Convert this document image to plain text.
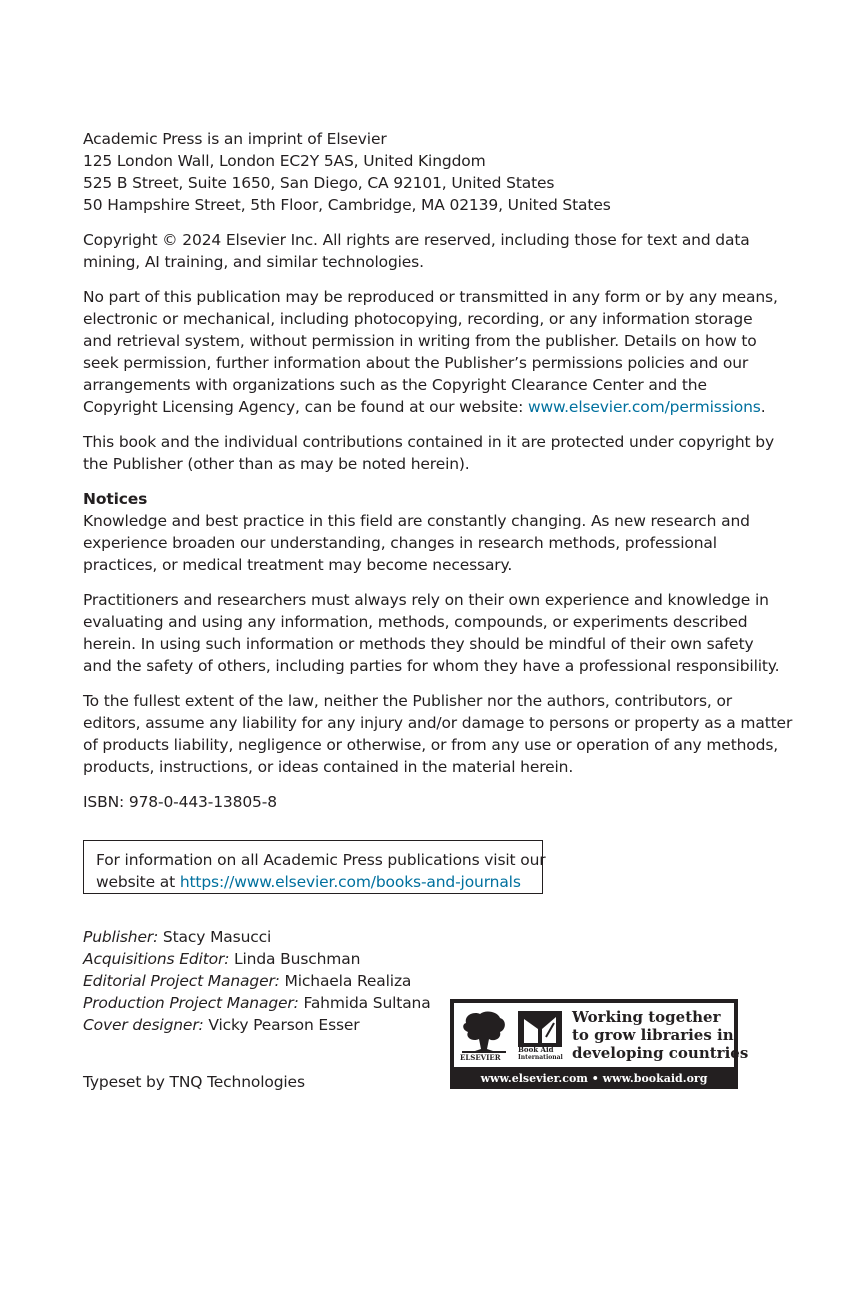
Academic Press is an imprint of Elsevier
125 London Wall, London EC2Y 5AS, United Kingdom
525 B Street, Suite 1650, San Diego, CA 92101, United States
50 Hampshire Street, 5th Floor, Cambridge, MA 02139, United States
Copyright © 2024 Elsevier Inc. All rights are reserved, including those for text and data
mining, AI training, and similar technologies.
No part of this publication may be reproduced or transmitted in any form or by any means,
electronic or mechanical, including photocopying, recording, or any information storage
and retrieval system, without permission in writing from the publisher. Details on how to
seek permission, further information about the Publisher’s permissions policies and our
arrangements with organizations such as the Copyright Clearance Center and the
Copyright Licensing Agency, can be found at our website: www.elsevier.com/permissions.
This book and the individual contributions contained in it are protected under copyright by
the Publisher (other than as may be noted herein).
Notices
Knowledge and best practice in this field are constantly changing. As new research and
experience broaden our understanding, changes in research methods, professional
practices, or medical treatment may become necessary.
Practitioners and researchers must always rely on their own experience and knowledge in
evaluating and using any information, methods, compounds, or experiments described
herein. In using such information or methods they should be mindful of their own safety
and the safety of others, including parties for whom they have a professional responsibility.
To the fullest extent of the law, neither the Publisher nor the authors, contributors, or
editors, assume any liability for any injury and/or damage to persons or property as a matter
of products liability, negligence or otherwise, or from any use or operation of any methods,
products, instructions, or ideas contained in the material herein.
ISBN: 978-0-443-13805-8
For information on all Academic Press publications visit our
website at https://www.elsevier.com/books-and-journals
Publisher: Stacy Masucci
Acquisitions Editor: Linda Buschman
Editorial Project Manager: Michaela Realiza
Production Project Manager: Fahmida Sultana
Cover designer: Vicky Pearson Esser
Typeset by TNQ Technologies
ELSEVIER
Book Aid
International
Working together
to grow libraries in
developing countries
www.elsevier.com • www.bookaid.org
